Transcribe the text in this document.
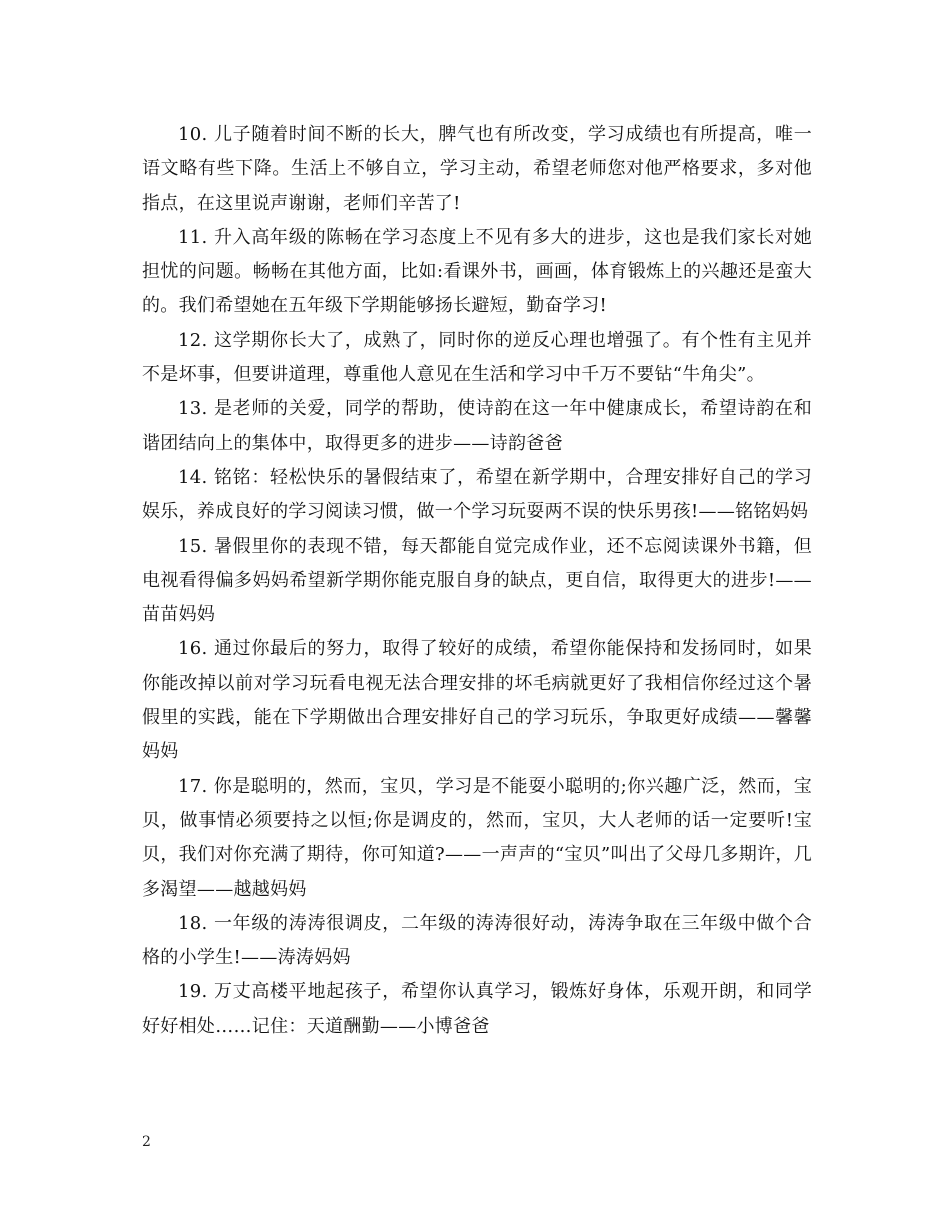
10. 儿子随着时间不断的长大，脾气也有所改变，学习成绩也有所提高，唯一语文略有些下降。生活上不够自立，学习主动，希望老师您对他严格要求，多对他指点，在这里说声谢谢，老师们辛苦了!

11. 升入高年级的陈畅在学习态度上不见有多大的进步，这也是我们家长对她担忧的问题。畅畅在其他方面，比如:看课外书，画画，体育锻炼上的兴趣还是蛮大的。我们希望她在五年级下学期能够扬长避短，勤奋学习!

12. 这学期你长大了，成熟了，同时你的逆反心理也增强了。有个性有主见并不是坏事，但要讲道理，尊重他人意见在生活和学习中千万不要钻“牛角尖”。

13. 是老师的关爱，同学的帮助，使诗韵在这一年中健康成长，希望诗韵在和谐团结向上的集体中，取得更多的进步——诗韵爸爸

14. 铭铭：轻松快乐的暑假结束了，希望在新学期中，合理安排好自己的学习娱乐，养成良好的学习阅读习惯，做一个学习玩耍两不误的快乐男孩!——铭铭妈妈

15. 暑假里你的表现不错，每天都能自觉完成作业，还不忘阅读课外书籍，但电视看得偏多妈妈希望新学期你能克服自身的缺点，更自信，取得更大的进步!——苗苗妈妈

16. 通过你最后的努力，取得了较好的成绩，希望你能保持和发扬同时，如果你能改掉以前对学习玩看电视无法合理安排的坏毛病就更好了我相信你经过这个暑假里的实践，能在下学期做出合理安排好自己的学习玩乐，争取更好成绩——馨馨妈妈

17. 你是聪明的，然而，宝贝，学习是不能耍小聪明的;你兴趣广泛，然而，宝贝，做事情必须要持之以恒;你是调皮的，然而，宝贝，大人老师的话一定要听!宝贝，我们对你充满了期待，你可知道?——一声声的“宝贝”叫出了父母几多期许，几多渴望——越越妈妈

18. 一年级的涛涛很调皮，二年级的涛涛很好动，涛涛争取在三年级中做个合格的小学生!——涛涛妈妈

19. 万丈高楼平地起孩子，希望你认真学习，锻炼好身体，乐观开朗，和同学好好相处……记住：天道酬勤——小博爸爸

2
